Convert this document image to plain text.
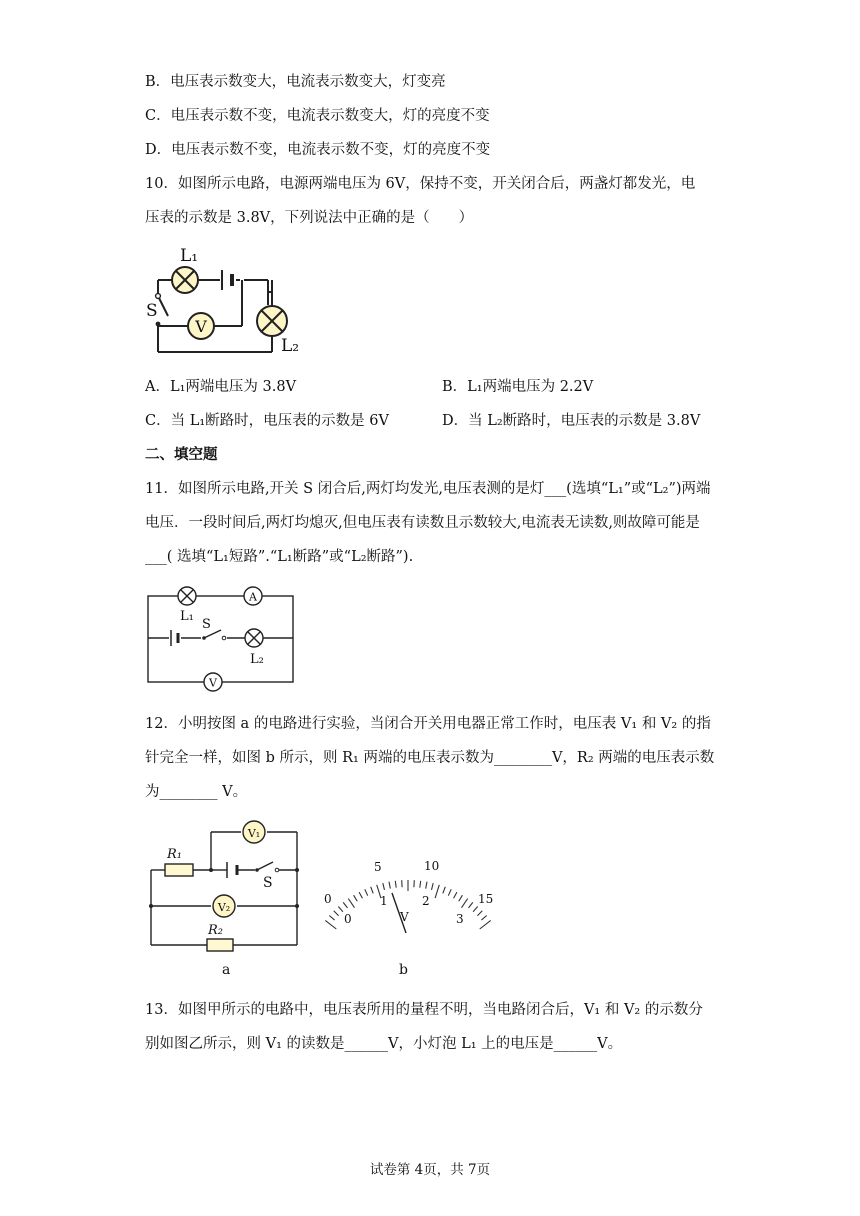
B．电压表示数变大，电流表示数变大，灯变亮
C．电压表示数不变，电流表示数变大，灯的亮度不变
D．电压表示数不变，电流表示数不变，灯的亮度不变
10．如图所示电路，电源两端电压为 6V，保持不变，开关闭合后，两盏灯都发光，电
压表的示数是 3.8V，下列说法中正确的是（　　）
V
L₁
L₂
S
A．L₁两端电压为 3.8V	B．L₁两端电压为 2.2V
C．当 L₁断路时，电压表的示数是 6V	D．当 L₂断路时，电压表的示数是 3.8V
二、填空题
11．如图所示电路,开关 S 闭合后,两灯均发光,电压表测的是灯___(选填“L₁”或“L₂”)两端
电压．一段时间后,两灯均熄灭,但电压表有读数且示数较大,电流表无读数,则故障可能是
___( 选填“L₁短路”.“L₁断路”或“L₂断路”).
S
L₁
A
L₂
V
12．小明按图 a 的电路进行实验，当闭合开关用电器正常工作时，电压表 V₁ 和 V₂ 的指
针完全一样，如图 b 所示，则 R₁ 两端的电压表示数为________V，R₂ 两端的电压表示数
为________ V。
R₁
R₂
S
V₁
V₂
a
5	10
0	15
0
1	2
3
V
b
13．如图甲所示的电路中，电压表所用的量程不明，当电路闭合后，V₁ 和 V₂ 的示数分
别如图乙所示，则 V₁ 的读数是______V，小灯泡 L₁ 上的电压是______V。
试卷第 4页，共 7页
